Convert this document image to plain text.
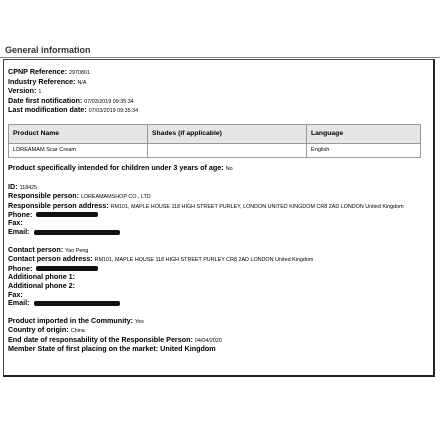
General information
CPNP Reference: 2970801
Industry Reference: N/A
Version: 1
Date first notification: 07/03/2019 09:35:34
Last modification date: 07/03/2019 09:35:34
Product Name	Shades (if applicable)	Language
LDREAMAM Scar Cream		English
Product specifically intended for children under 3 years of age: No
ID: 118425
Responsible person: LDREAMAMSHOP CO., LTD
Responsible person address: RM101, MAPLE HOUSE 118 HIGH STREET PURLEY, LONDON UNITED KINGDOM CR8 2AD LONDON United Kingdom
Phone:
Fax:
Email:
Contact person: Yao Peng
Contact person address: RM101, MAPLE HOUSE 118 HIGH STREET PURLEY CR8 2AD LONDON United Kingdom
Phone:
Additional phone 1:
Additional phone 2:
Fax:
Email:
Product imported in the Community: Yes
Country of origin: China
End date of responsability of the Responsible Person: 04/04/2020
Member State of first placing on the market: United Kingdom
